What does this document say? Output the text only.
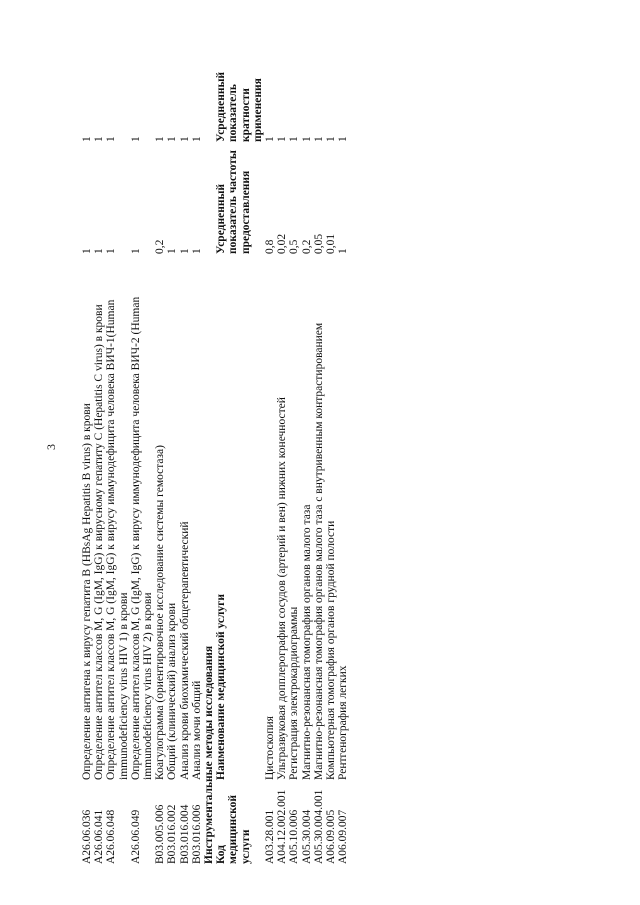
3
A26.06.036	Определение антигена к вирусу гепатита B (HBsAg Hepatitis B virus) в крови	1	1
A26.06.041	Определение антител классов M, G (IgM, IgG) к вирусному гепатиту C (Hepatitis C virus) в крови	1	1
A26.06.048	Определение антител классов M, G (IgM, IgG) к вирусу иммунодефицита человека ВИЧ-1(Human immunodeficiency virus HIV 1) в крови	1	1
A26.06.049	Определение антител классов M, G (IgM, IgG) к вирусу иммунодефицита человека ВИЧ-2 (Human immunodeficiency virus HIV 2) в крови	1	1
B03.005.006	Коагулограмма (ориентировочное исследование системы гемостаза)	0,2	1
B03.016.002	Общий (клинический) анализ крови	1	1
B03.016.004	Анализ крови биохимический общетерапевтический	1	1
B03.016.006	Анализ мочи общий	1	1
Инструментальные методы исследования			
Код медицинской услуги	Наименование медицинской услуги	Усредненный показатель частоты предоставления	Усредненный показатель кратности применения
A03.28.001	Цистоскопия	0,8	1
A04.12.002.001	Ультразвуковая допплерография сосудов (артерий и вен) нижних конечностей	0,02	1
A05.10.006	Регистрация электрокардиограммы	0,5	1
A05.30.004	Магнитно-резонансная томография органов малого таза	0,2	1
A05.30.004.001	Магнитно-резонансная томография органов малого таза с внутривенным контрастированием	0,05	1
A06.09.005	Компьютерная томография органов грудной полости	0,01	1
A06.09.007	Рентгенография легких	1	1
